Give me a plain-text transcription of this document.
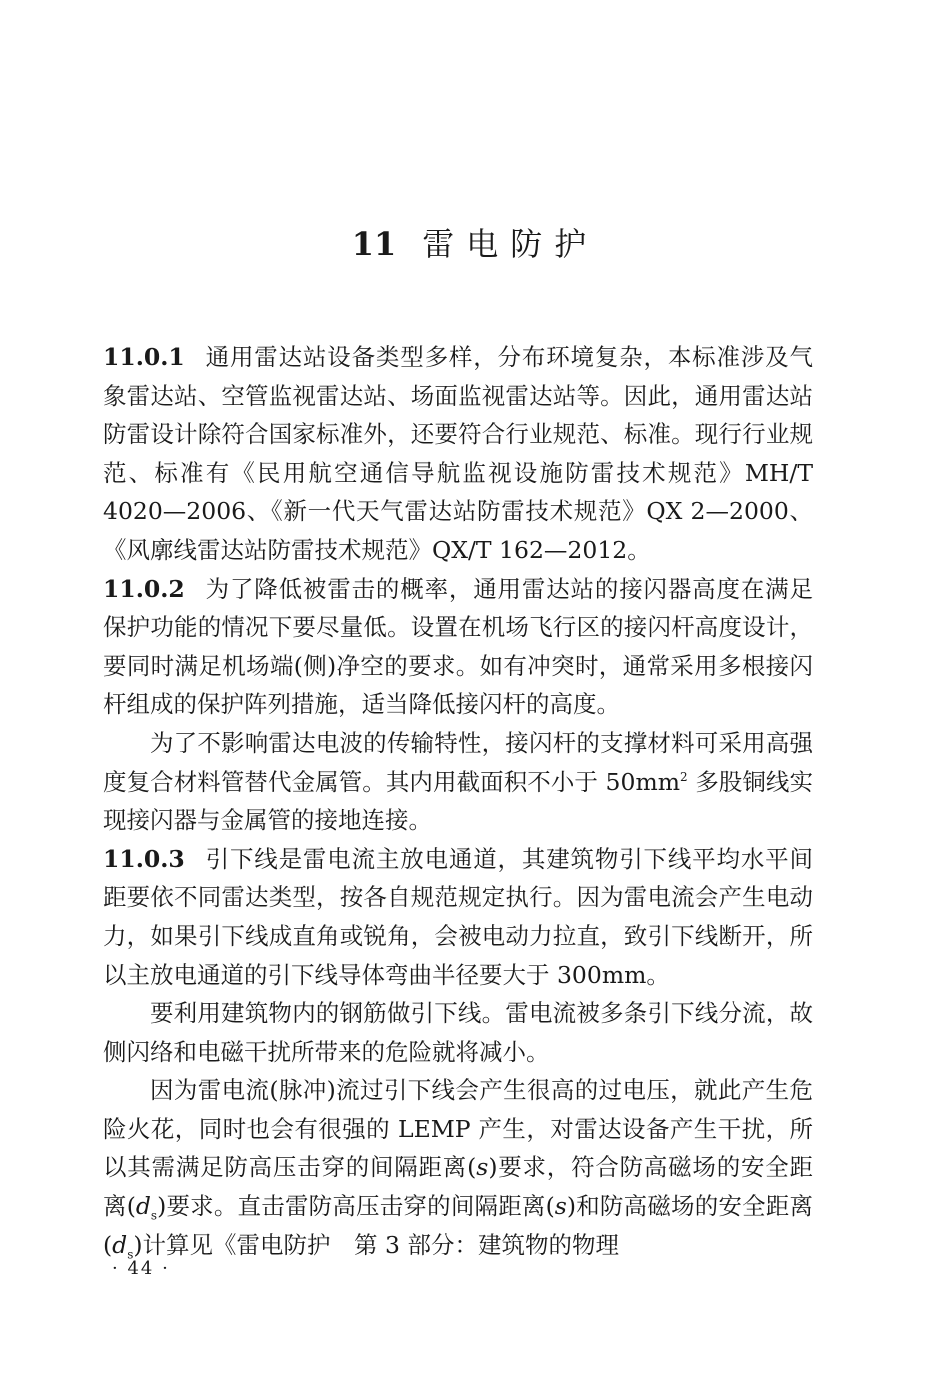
11 雷电防护

11.0.1 通用雷达站设备类型多样，分布环境复杂，本标准涉及气象雷达站、空管监视雷达站、场面监视雷达站等。因此，通用雷达站防雷设计除符合国家标准外，还要符合行业规范、标准。现行行业规范、标准有《民用航空通信导航监视设施防雷技术规范》MH/T 4020—2006、《新一代天气雷达站防雷技术规范》QX 2—2000、《风廓线雷达站防雷技术规范》QX/T 162—2012。

11.0.2 为了降低被雷击的概率，通用雷达站的接闪器高度在满足保护功能的情况下要尽量低。设置在机场飞行区的接闪杆高度设计，要同时满足机场端(侧)净空的要求。如有冲突时，通常采用多根接闪杆组成的保护阵列措施，适当降低接闪杆的高度。

为了不影响雷达电波的传输特性，接闪杆的支撑材料可采用高强度复合材料管替代金属管。其内用截面积不小于 $50mm^2$ 多股铜线实现接闪器与金属管的接地连接。

11.0.3 引下线是雷电流主放电通道，其建筑物引下线平均水平间距要依不同雷达类型，按各自规范规定执行。因为雷电流会产生电动力，如果引下线成直角或锐角，会被电动力拉直，致引下线断开，所以主放电通道的引下线导体弯曲半径要大于 300mm。

要利用建筑物内的钢筋做引下线。雷电流被多条引下线分流，故侧闪络和电磁干扰所带来的危险就将减小。

因为雷电流(脉冲)流过引下线会产生很高的过电压，就此产生危险火花，同时也会有很强的 LEMP 产生，对雷达设备产生干扰，所以其需满足防高压击穿的间隔距离(s)要求，符合防高磁场的安全距离$(d_s)$要求。直击雷防高压击穿的间隔距离(s)和防高磁场的安全距离$(d_s)$计算见《雷电防护　第 3 部分：建筑物的物理

· 44 ·
